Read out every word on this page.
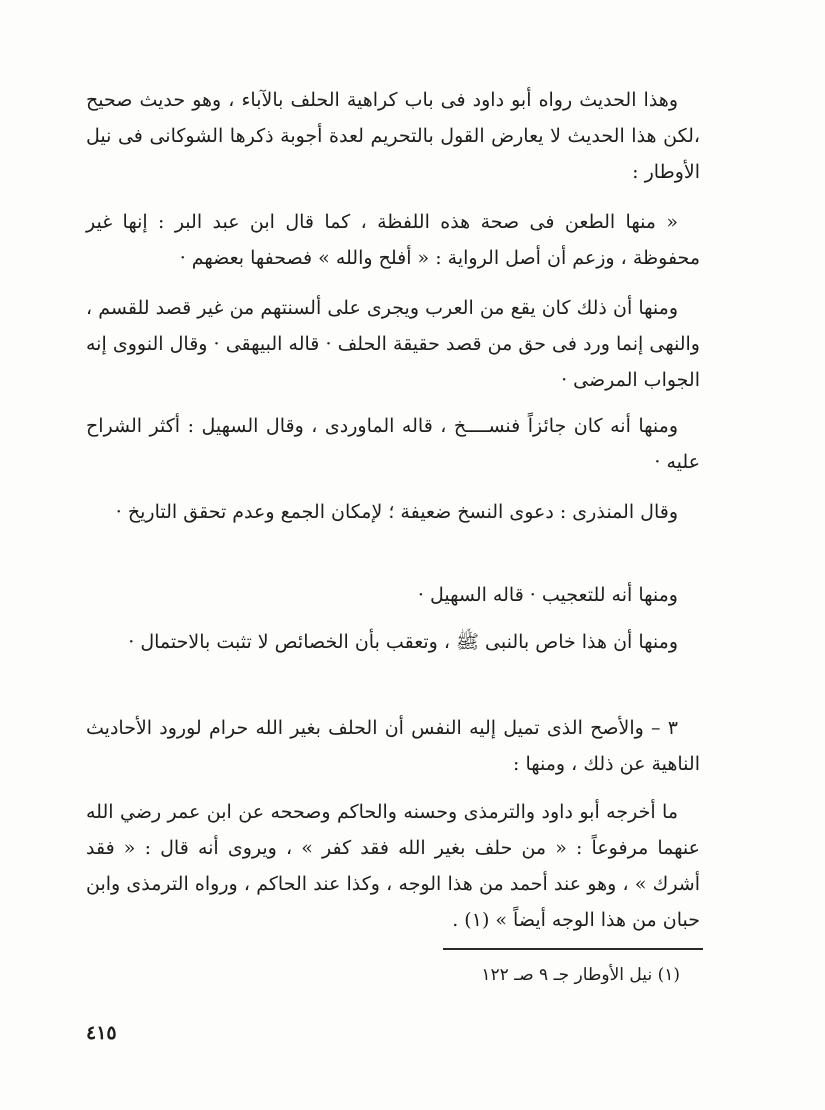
وهذا الحديث رواه أبو داود فى باب كراهية الحلف بالآباء ، وهو حديث صحيح ،لكن هذا الحديث لا يعارض القول بالتحريم لعدة أجوبة ذكرها الشوكانى فى نيل الأوطار :

« منها الطعن فى صحة هذه اللفظة ، كما قال ابن عبد البر : إنها غير محفوظة ، وزعم أن أصل الرواية : « أفلح والله » فصحفها بعضهم ·

ومنها أن ذلك كان يقع من العرب ويجرى على ألسنتهم من غير قصد للقسم ، والنهى إنما ورد فى حق من قصد حقيقة الحلف · قاله البيهقى · وقال النووى إنه الجواب المرضى ·

ومنها أنه كان جائزاً فنســــخ ، قاله الماوردى ، وقال السهيل : أكثر الشراح عليه ·

وقال المنذرى : دعوى النسخ ضعيفة ؛ لإمكان الجمع وعدم تحقق التاريخ ·

ومنها أنه للتعجيب · قاله السهيل ·

ومنها أن هذا خاص بالنبى ﷺ ، وتعقب بأن الخصائص لا تثبت بالاحتمال ·

٣ – والأصح الذى تميل إليه النفس أن الحلف بغير الله حرام لورود الأحاديث الناهية عن ذلك ، ومنها :

ما أخرجه أبو داود والترمذى وحسنه والحاكم وصححه عن ابن عمر رضي الله عنهما مرفوعاً : « من حلف بغير الله فقد كفر » ، ويروى أنه قال : « فقد أشرك » ، وهو عند أحمد من هذا الوجه ، وكذا عند الحاكم ، ورواه الترمذى وابن حبان من هذا الوجه أيضاً » (١) .

(١) نيل الأوطار جـ ٩ صـ ١٢٢
٤١٥
